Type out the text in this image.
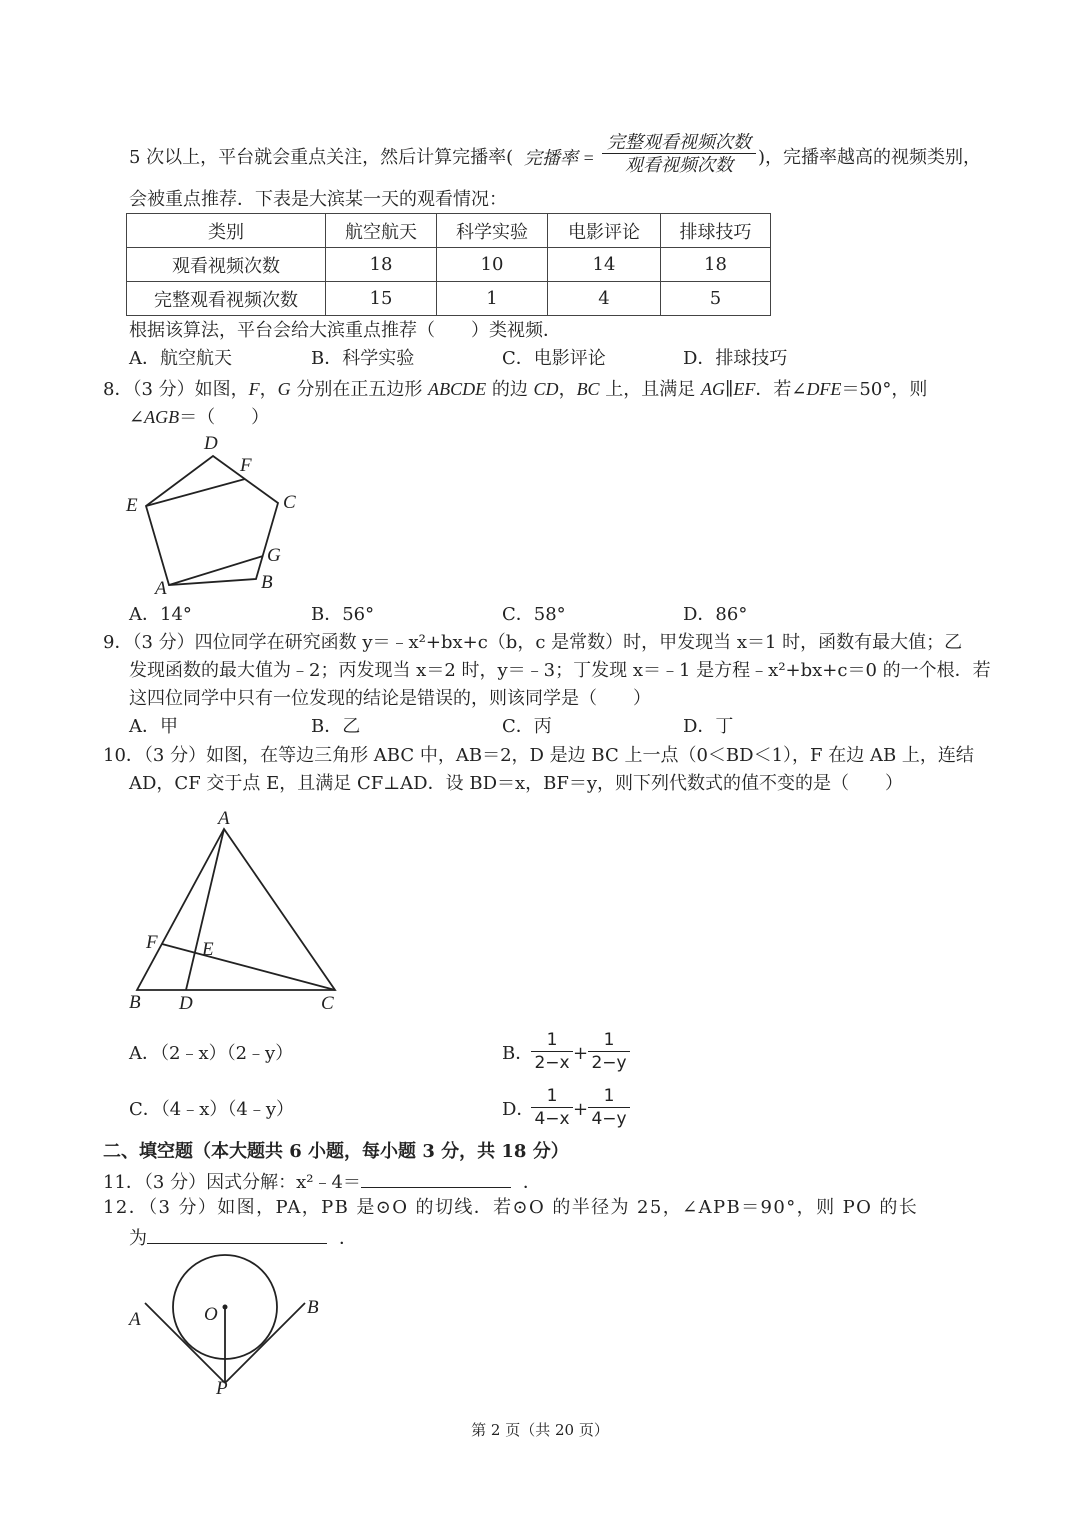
5 次以上，平台就会重点关注，然后计算完播率( 完播率 =
完整观看视频次数
观看视频次数	)，完播率越高的视频类别，
会被重点推荐．下表是大滨某一天的观看情况：
类别	航空航天	科学实验	电影评论	排球技巧
观看视频次数	18	10	14	18
完整观看视频次数	15	1	4	5
根据该算法，平台会给大滨重点推荐（　　）类视频．
A．航空航天	B．科学实验	C．电影评论	D．排球技巧
8．（3 分）如图，F，G 分别在正五边形 ABCDE 的边 CD，BC 上，且满足 AG∥EF．若∠DFE＝50°，则
∠AGB＝（　　）
D
F
E	C
G
A	B
A．14°	B．56°	C．58°	D．86°
9．（3 分）四位同学在研究函数 y＝﹣x²+bx+c（b，c 是常数）时，甲发现当 x＝1 时，函数有最大值；乙
发现函数的最大值为﹣2；丙发现当 x＝2 时，y＝﹣3；丁发现 x＝﹣1 是方程﹣x²+bx+c＝0 的一个根．若
这四位同学中只有一位发现的结论是错误的，则该同学是（　　）
A．甲	B．乙	C．丙	D．丁
10．（3 分）如图，在等边三角形 ABC 中，AB＝2，D 是边 BC 上一点（0＜BD＜1），F 在边 AB 上，连结
AD，CF 交于点 E，且满足 CF⊥AD．设 BD＝x，BF＝y，则下列代数式的值不变的是（　　）
A
F E
B D	C
A．（2﹣x）（2﹣y）	B．
$\frac{1}{2-x} + \frac{1}{2-y}$
C．（4﹣x）（4﹣y）	D．
$\frac{1}{4-x} + \frac{1}{4-y}$
二、填空题（本大题共 6 小题，每小题 3 分，共 18 分）
11．（3 分）因式分解：x²﹣4＝	．
12．（3 分）如图，PA，PB 是⊙O 的切线．若⊙O 的半径为 25，∠APB＝90°，则 PO 的长
为	．
A	O	B
P
第 2 页（共 20 页）
